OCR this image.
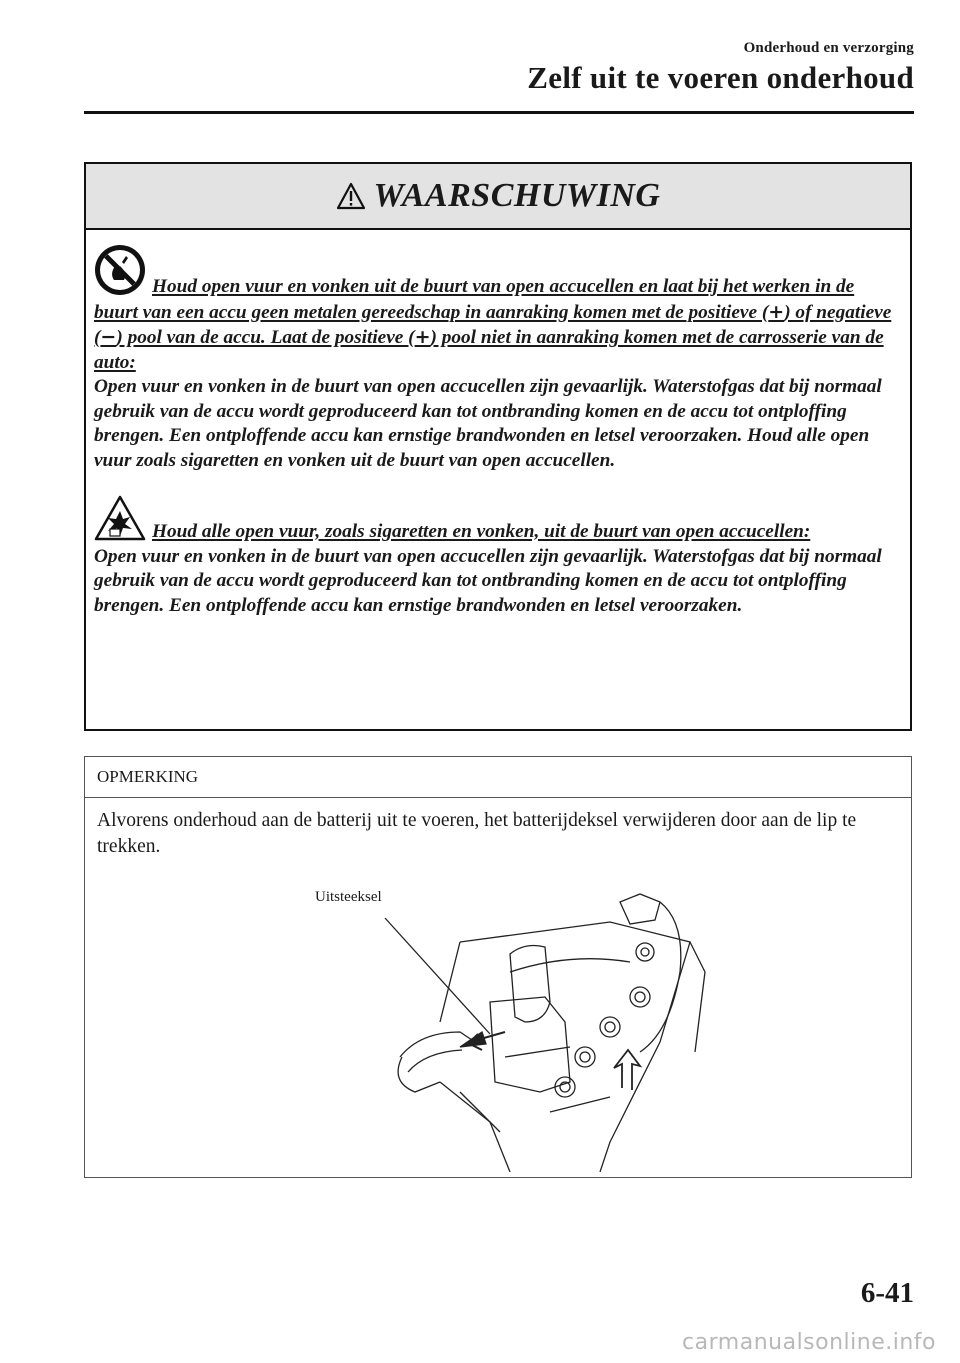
Onderhoud en verzorging
Zelf uit te voeren onderhoud
WAARSCHUWING

Houd open vuur en vonken uit de buurt van open accucellen en laat bij het werken in de buurt van een accu geen metalen gereedschap in aanraking komen met de positieve (+) of negatieve (−) pool van de accu. Laat de positieve (+) pool niet in aanraking komen met de carrosserie van de auto:
Open vuur en vonken in de buurt van open accucellen zijn gevaarlijk. Waterstofgas dat bij normaal gebruik van de accu wordt geproduceerd kan tot ontbranding komen en de accu tot ontploffing brengen. Een ontploffende accu kan ernstige brandwonden en letsel veroorzaken. Houd alle open vuur zoals sigaretten en vonken uit de buurt van open accucellen.

Houd alle open vuur, zoals sigaretten en vonken, uit de buurt van open accucellen:
Open vuur en vonken in de buurt van open accucellen zijn gevaarlijk. Waterstofgas dat bij normaal gebruik van de accu wordt geproduceerd kan tot ontbranding komen en de accu tot ontploffing brengen. Een ontploffende accu kan ernstige brandwonden en letsel veroorzaken.

OPMERKING
Alvorens onderhoud aan de batterij uit te voeren, het batterijdeksel verwijderen door aan de lip te trekken.
Uitsteeksel
6-41
carmanualsonline.info
